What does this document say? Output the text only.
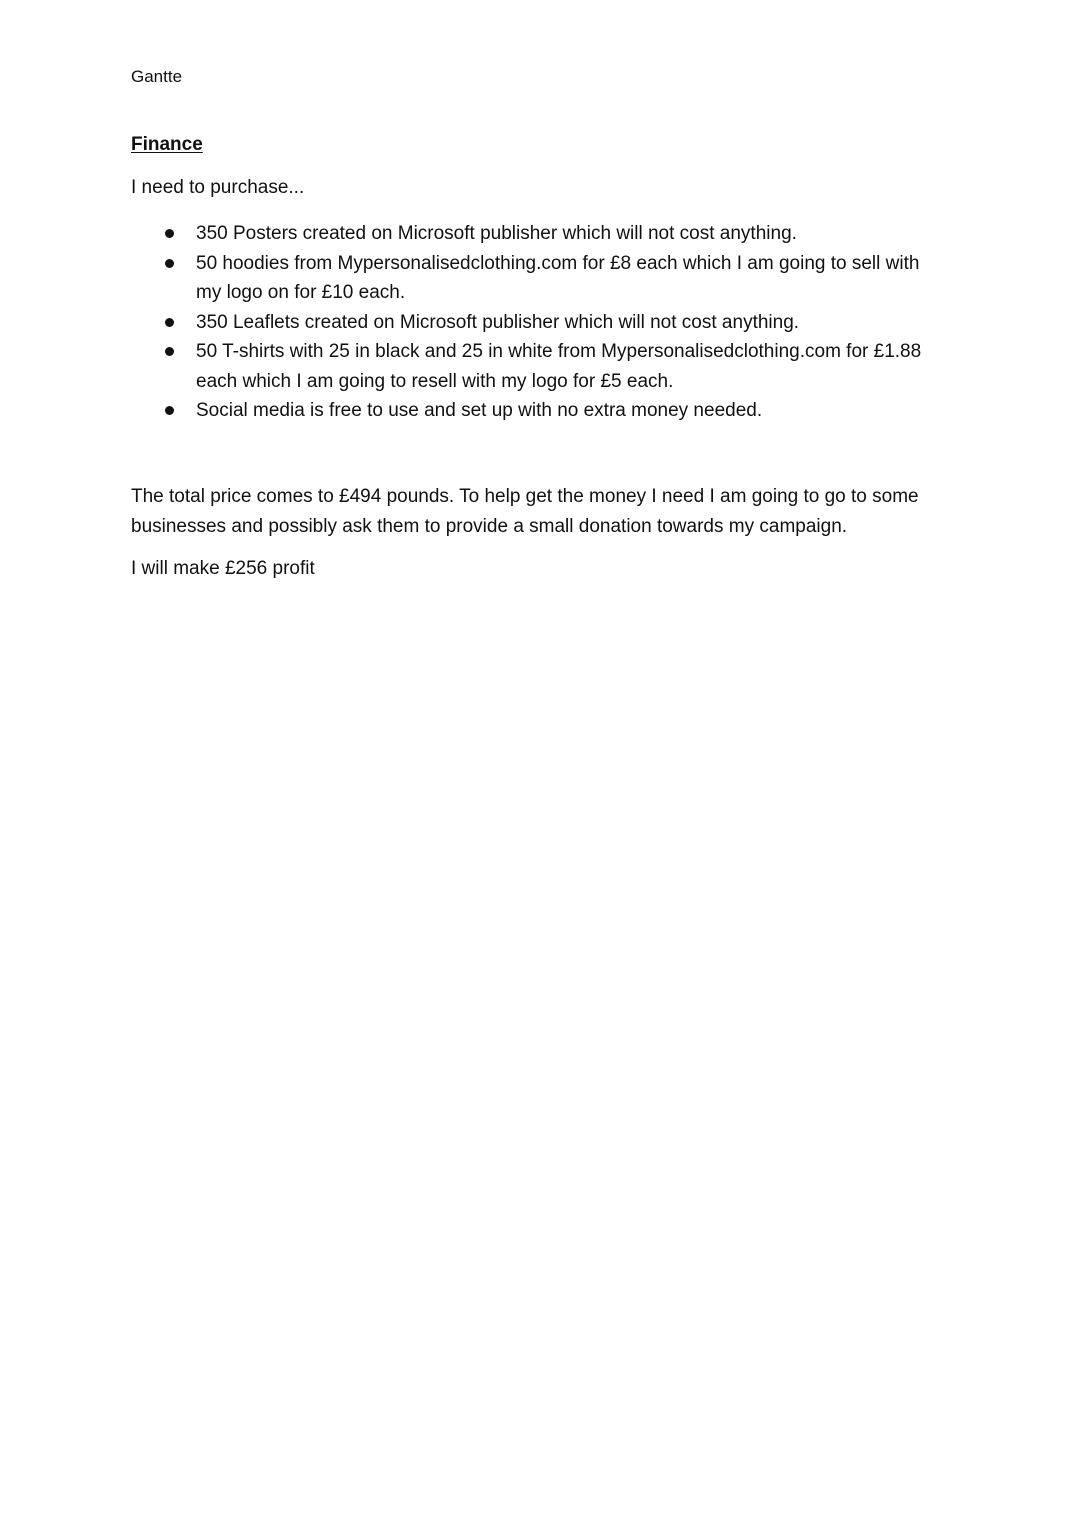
Gantte
Finance
I need to purchase...
350 Posters created on Microsoft publisher which will not cost anything.
50 hoodies from Mypersonalisedclothing.com for £8 each which I am going to sell with my logo on for £10 each.
350 Leaflets created on Microsoft publisher which will not cost anything.
50 T-shirts with 25 in black and 25 in white from Mypersonalisedclothing.com for £1.88 each which I am going to resell with my logo for £5 each.
Social media is free to use and set up with no extra money needed.
The total price comes to £494 pounds. To help get the money I need I am going to go to some businesses and possibly ask them to provide a small donation towards my campaign.
I will make £256 profit
